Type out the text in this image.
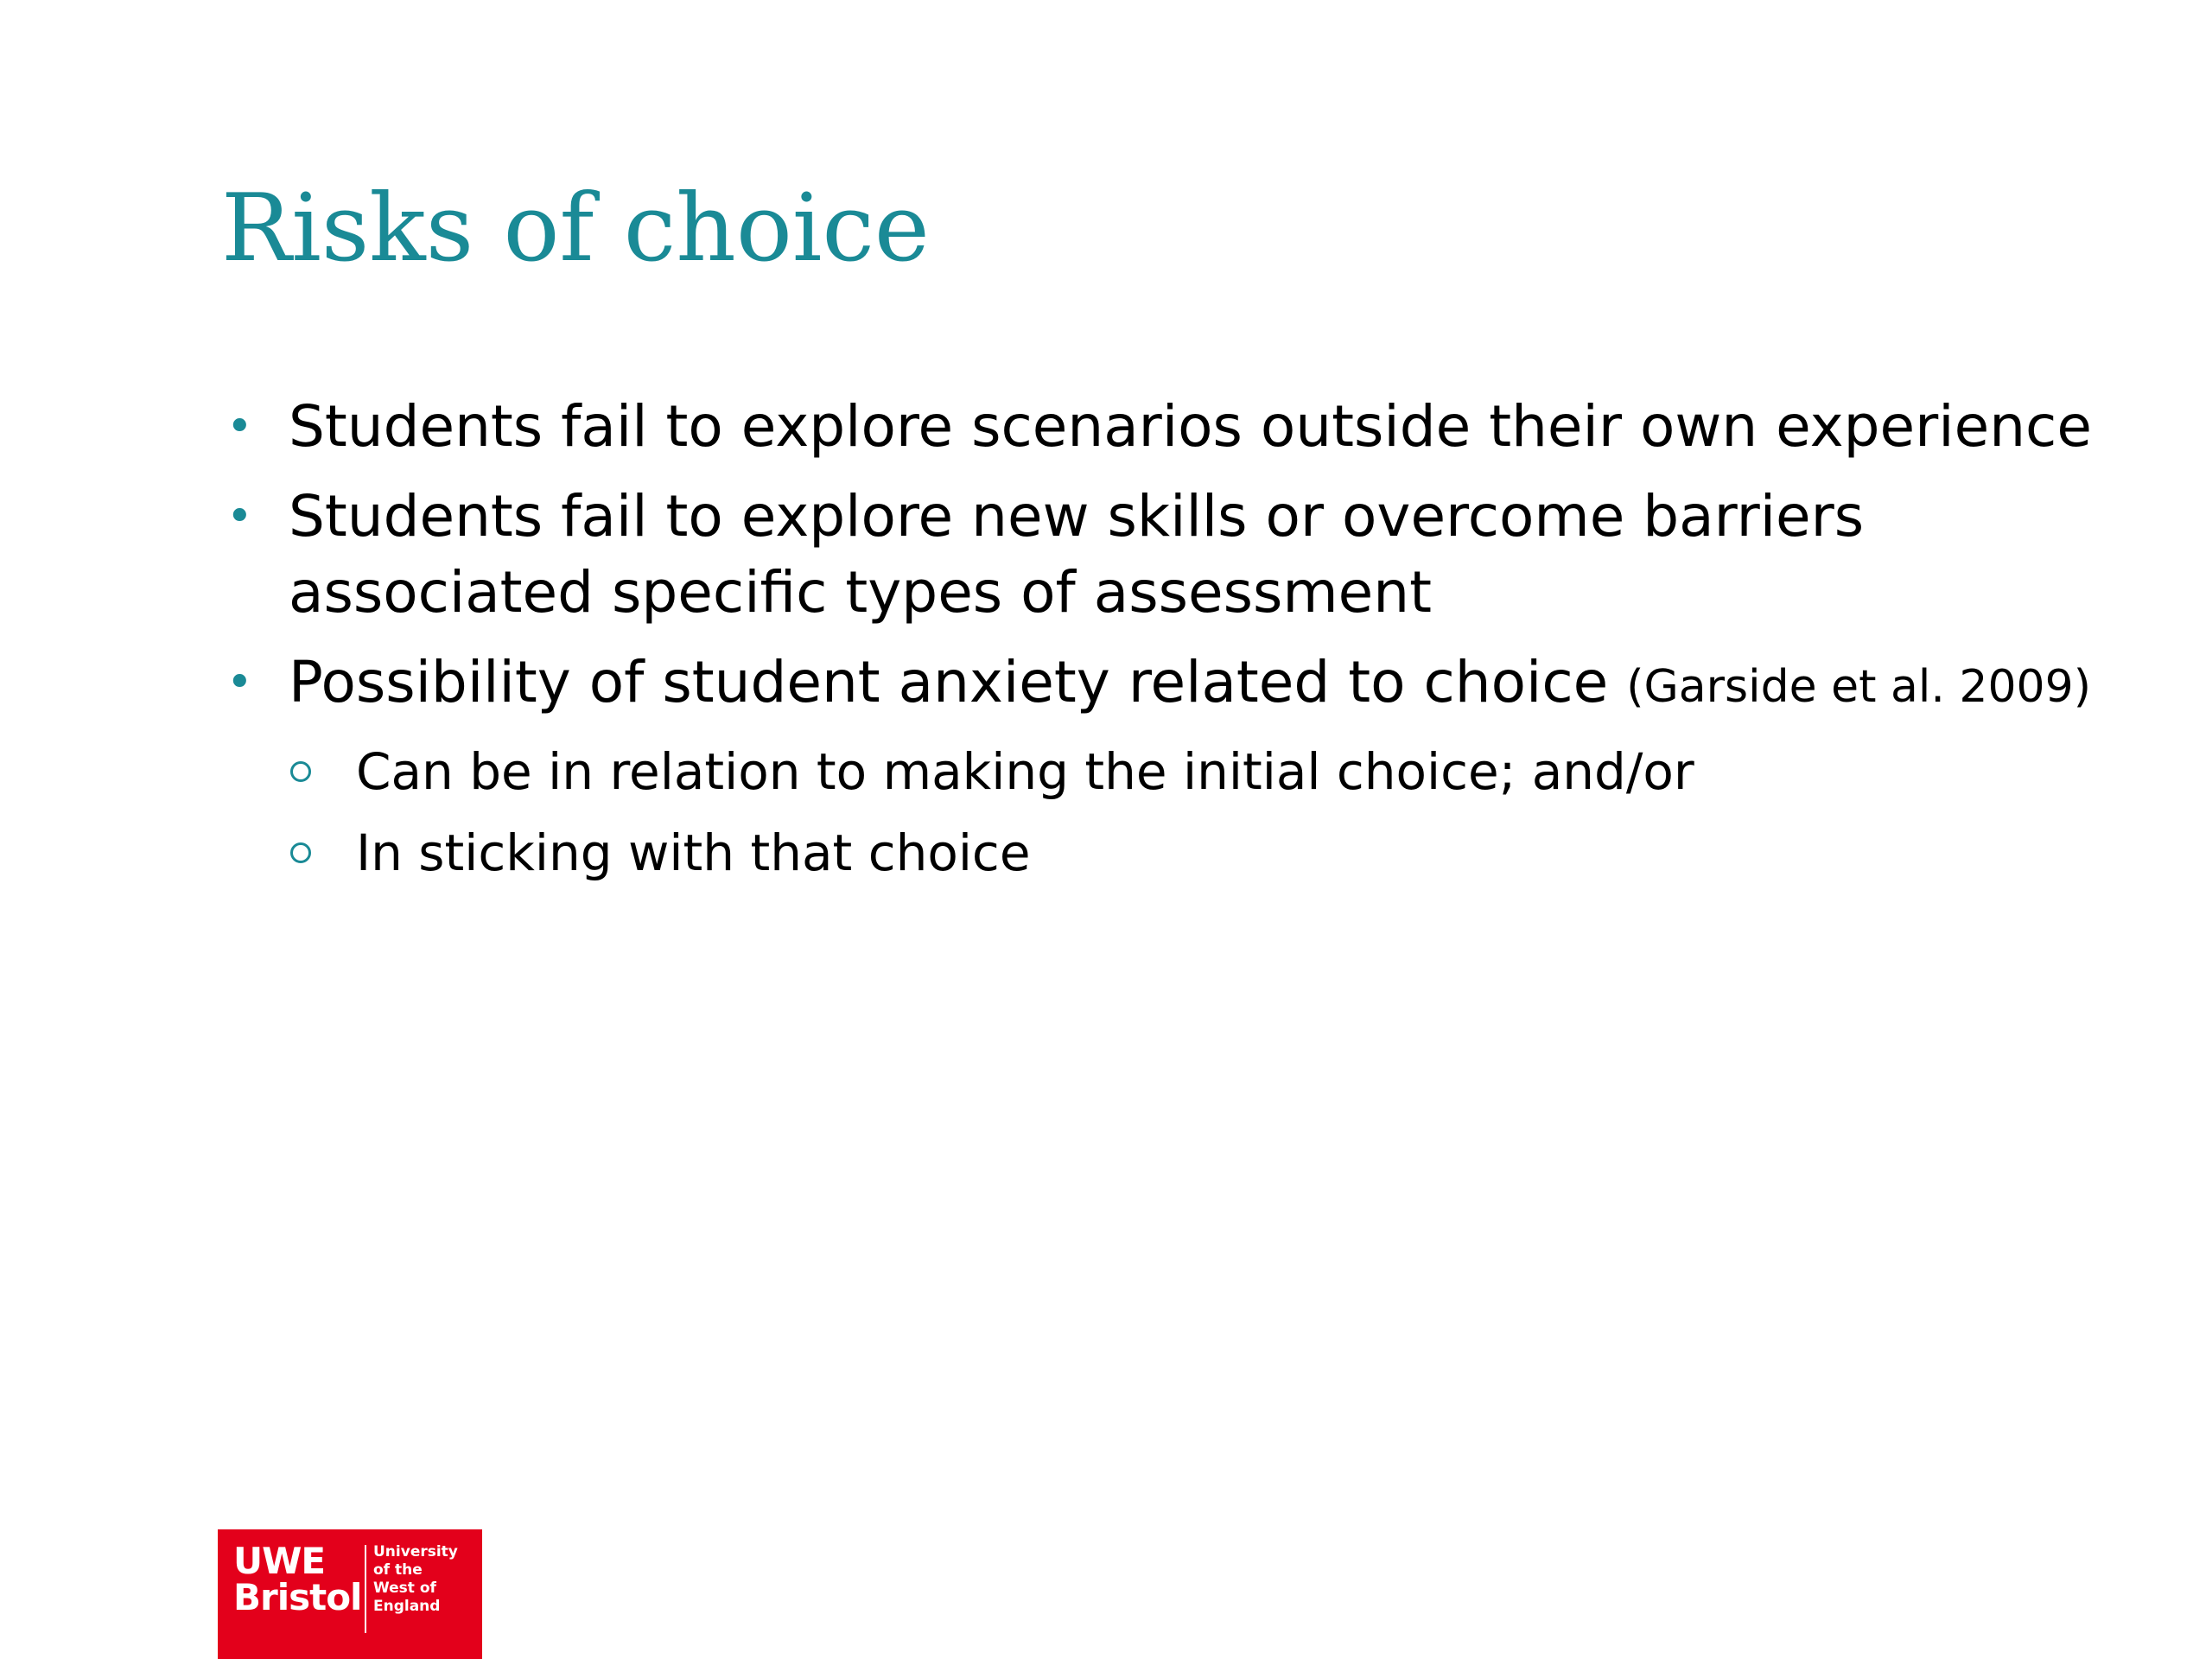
Risks of choice
• Students fail to explore scenarios outside their own experience
• Students fail to explore new skills or overcome barriers associated specific types of assessment
• Possibility of student anxiety related to choice (Garside et al. 2009)
Can be in relation to making the initial choice; and/or
In sticking with that choice
UWE
Bristol
University
of the
West of
England
